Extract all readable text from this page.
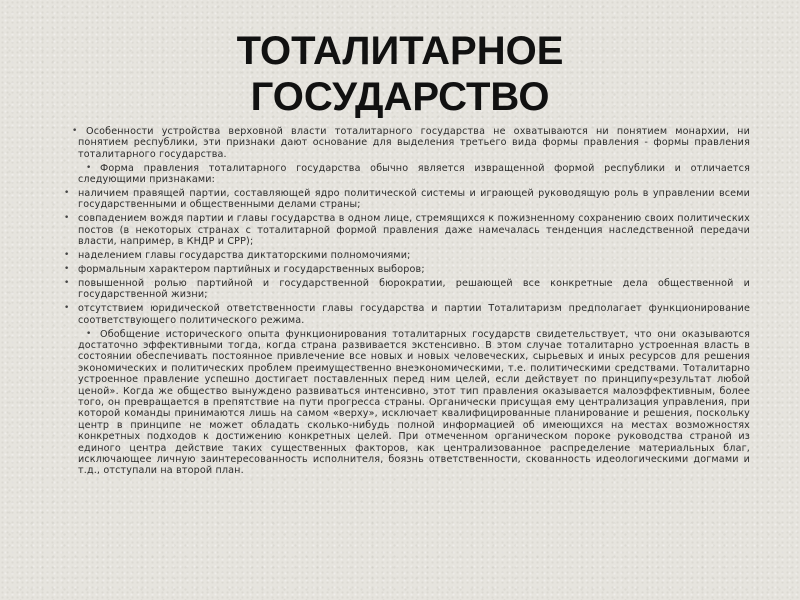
ТОТАЛИТАРНОЕ
ГОСУДАРСТВО
• Особенности устройства верховной власти тоталитарного государства не охватываются ни понятием монархии, ни понятием республики, эти признаки дают основание для выделения третьего вида формы правления - формы правления тоталитарного государства.
• Форма правления тоталитарного государства обычно является извращенной формой республики и отличается следующими признаками:
• наличием правящей партии, составляющей ядро политической системы и играющей руководящую роль в управлении всеми государственными и общественными делами страны;
• совпадением вождя партии и главы государства в одном лице, стремящихся к пожизненному сохранению своих политических постов (в некоторых странах с тоталитарной формой правления даже намечалась тенденция наследственной передачи власти, например, в КНДР и СРР);
• наделением главы государства диктаторскими полномочиями;
• формальным характером партийных и государственных выборов;
• повышенной ролью партийной и государственной бюрократии, решающей все конкретные дела общественной и государственной жизни;
• отсутствием юридической ответственности главы государства и партии Тоталитаризм предполагает функционирование соответствующего политического режима.
• Обобщение исторического опыта функционирования тоталитарных государств свидетельствует, что они оказываются достаточно эффективными тогда, когда страна развивается экстенсивно. В этом случае тоталитарно устроенная власть в состоянии обеспечивать постоянное привлечение все новых и новых человеческих, сырьевых и иных ресурсов для решения экономических и политических проблем преимущественно внеэкономическими, т.е. политическими средствами. Тоталитарно устроенное правление успешно достигает поставленных перед ним целей, если действует по принципу«результат любой ценой». Когда же общество вынуждено развиваться интенсивно, этот тип правления оказывается малоэффективным, более того, он превращается в препятствие на пути прогресса страны. Органически присущая ему централизация управления, при которой команды принимаются лишь на самом «верху», исключает квалифицированные планирование и решения, поскольку центр в принципе не может обладать сколько-нибудь полной информацией об имеющихся на местах возможностях конкретных подходов к достижению конкретных целей. При отмеченном органическом пороке руководства страной из единого центра действие таких существенных факторов, как централизованное распределение материальных благ, исключающее личную заинтересованность исполнителя, боязнь ответственности, скованность идеологическими догмами и т.д., отступали на второй план.
